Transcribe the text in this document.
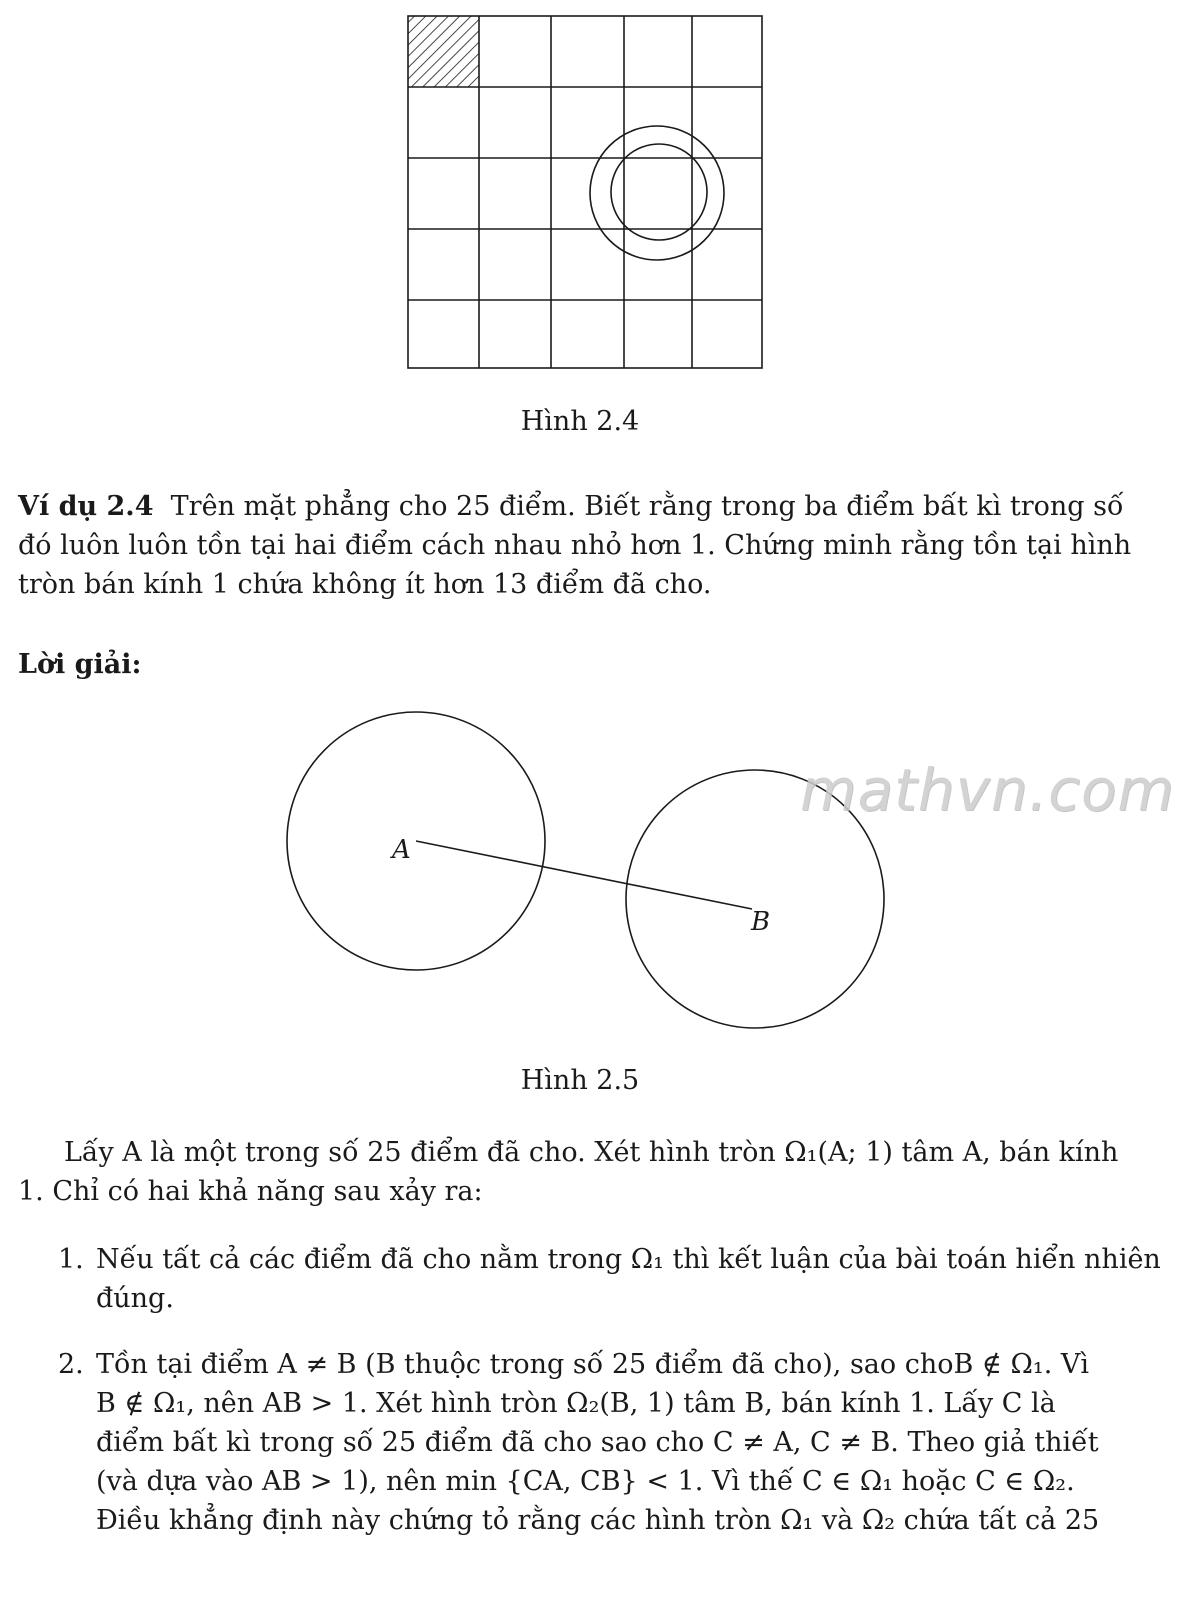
Hình 2.4
Ví dụ 2.4 Trên mặt phẳng cho 25 điểm. Biết rằng trong ba điểm bất kì trong số
đó luôn luôn tồn tại hai điểm cách nhau nhỏ hơn 1. Chứng minh rằng tồn tại hình
tròn bán kính 1 chứa không ít hơn 13 điểm đã cho.
Lời giải:
A
B
mathvn.com
Hình 2.5
Lấy A là một trong số 25 điểm đã cho. Xét hình tròn Ω₁(A; 1) tâm A, bán kính
1. Chỉ có hai khả năng sau xảy ra:
1. Nếu tất cả các điểm đã cho nằm trong Ω₁ thì kết luận của bài toán hiển nhiên
đúng.
2. Tồn tại điểm A ≠ B (B thuộc trong số 25 điểm đã cho), sao choB ∉ Ω₁. Vì
B ∉ Ω₁, nên AB > 1. Xét hình tròn Ω₂(B, 1) tâm B, bán kính 1. Lấy C là
điểm bất kì trong số 25 điểm đã cho sao cho C ≠ A, C ≠ B. Theo giả thiết
(và dựa vào AB > 1), nên min {CA, CB} < 1. Vì thế C ∈ Ω₁ hoặc C ∈ Ω₂.
Điều khẳng định này chứng tỏ rằng các hình tròn Ω₁ và Ω₂ chứa tất cả 25
